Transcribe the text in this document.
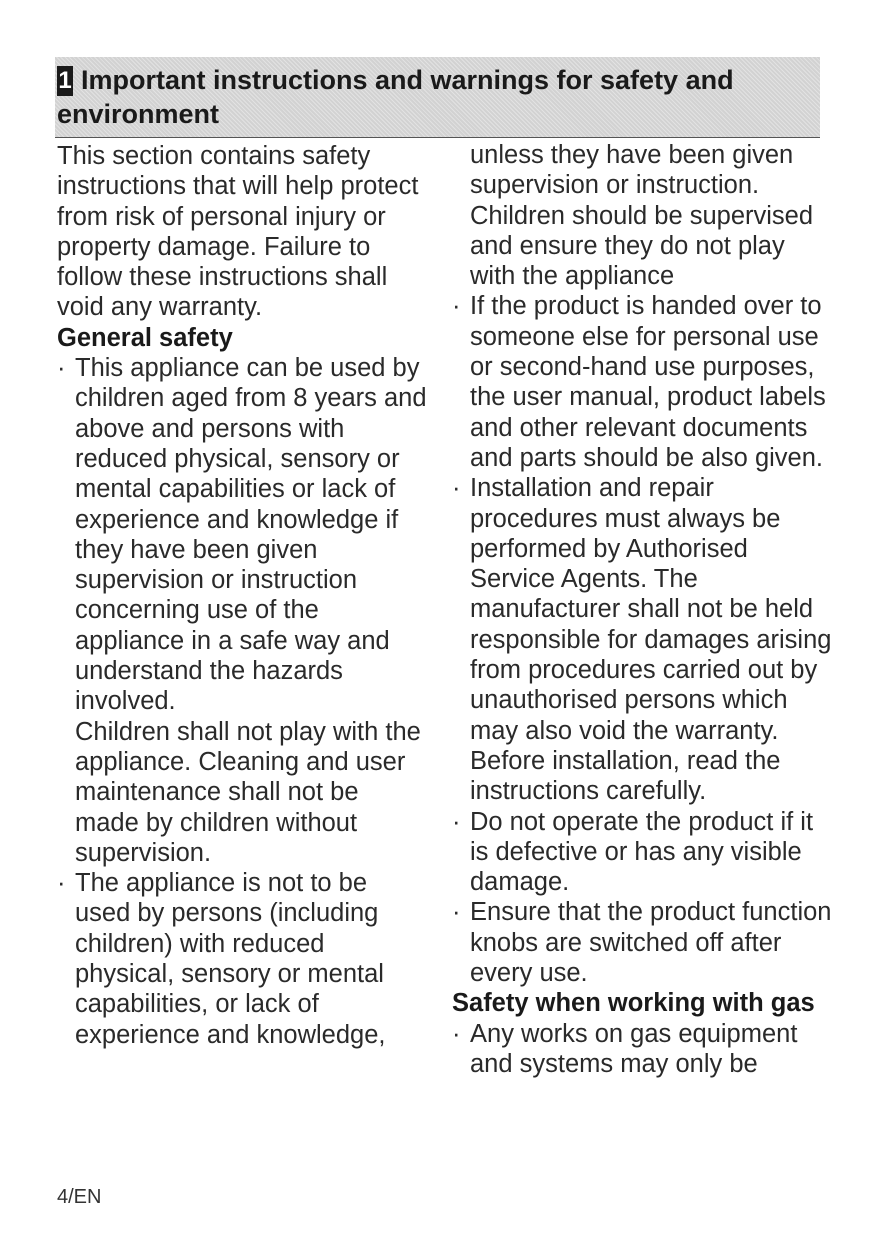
1 Important instructions and warnings for safety and environment

This section contains safety instructions that will help protect from risk of personal injury or property damage. Failure to follow these instructions shall void any warranty.

General safety

· This appliance can be used by children aged from 8 years and above and persons with reduced physical, sensory or mental capabilities or lack of experience and knowledge if they have been given supervision or instruction concerning use of the appliance in a safe way and understand the hazards involved.

Children shall not play with the appliance. Cleaning and user maintenance shall not be made by children without supervision.

· The appliance is not to be used by persons (including children) with reduced physical, sensory or mental capabilities, or lack of experience and knowledge,

unless they have been given supervision or instruction. Children should be supervised and ensure they do not play with the appliance

· If the product is handed over to someone else for personal use or second-hand use purposes, the user manual, product labels and other relevant documents and parts should be also given.
· Installation and repair procedures must always be performed by Authorised Service Agents. The manufacturer shall not be held responsible for damages arising from procedures carried out by unauthorised persons which may also void the warranty. Before installation, read the instructions carefully.
· Do not operate the product if it is defective or has any visible damage.
· Ensure that the product function knobs are switched off after every use.

Safety when working with gas

· Any works on gas equipment and systems may only be
4/EN
